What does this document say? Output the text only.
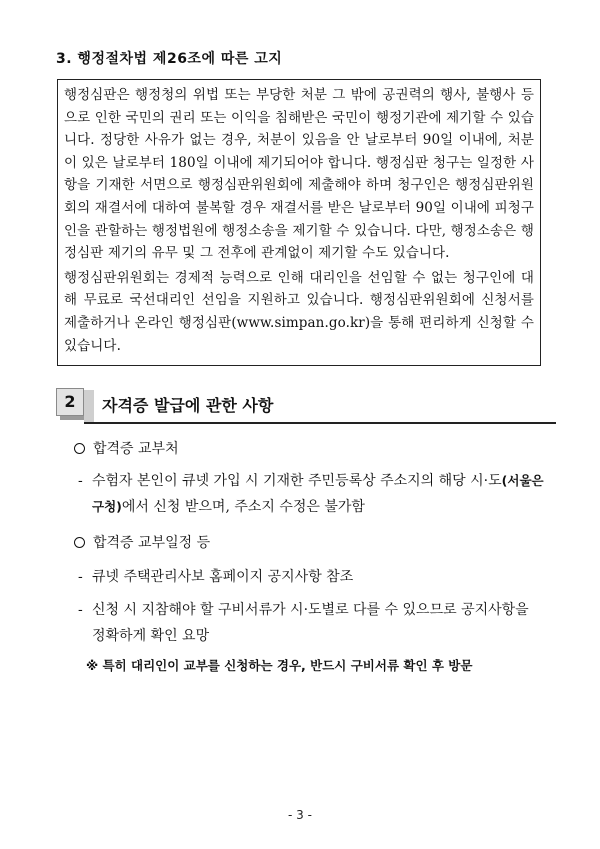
3. 행정절차법 제26조에 따른 고지

행정심판은 행정청의 위법 또는 부당한 처분 그 밖에 공권력의 행사, 불행사 등으로 인한 국민의 권리 또는 이익을 침해받은 국민이 행정기관에 제기할 수 있습니다. 정당한 사유가 없는 경우, 처분이 있음을 안 날로부터 90일 이내에, 처분이 있은 날로부터 180일 이내에 제기되어야 합니다. 행정심판 청구는 일정한 사항을 기재한 서면으로 행정심판위원회에 제출해야 하며 청구인은 행정심판위원회의 재결서에 대하여 불복할 경우 재결서를 받은 날로부터 90일 이내에 피청구인을 관할하는 행정법원에 행정소송을 제기할 수 있습니다. 다만, 행정소송은 행정심판 제기의 유무 및 그 전후에 관계없이 제기할 수도 있습니다.

행정심판위원회는 경제적 능력으로 인해 대리인을 선임할 수 없는 청구인에 대해 무료로 국선대리인 선임을 지원하고 있습니다. 행정심판위원회에 신청서를 제출하거나 온라인 행정심판(www.simpan.go.kr)을 통해 편리하게 신청할 수 있습니다.

2	자격증 발급에 관한 사항
합격증 교부처
- 수험자 본인이 큐넷 가입 시 기재한 주민등록상 주소지의 해당 시·도(서울은 구청)에서 신청 받으며, 주소지 수정은 불가함
합격증 교부일정 등
- 큐넷 주택관리사보 홈페이지 공지사항 참조
- 신청 시 지참해야 할 구비서류가 시·도별로 다를 수 있으므로 공지사항을 정확하게 확인 요망
※ 특히 대리인이 교부를 신청하는 경우, 반드시 구비서류 확인 후 방문
- 3 -
